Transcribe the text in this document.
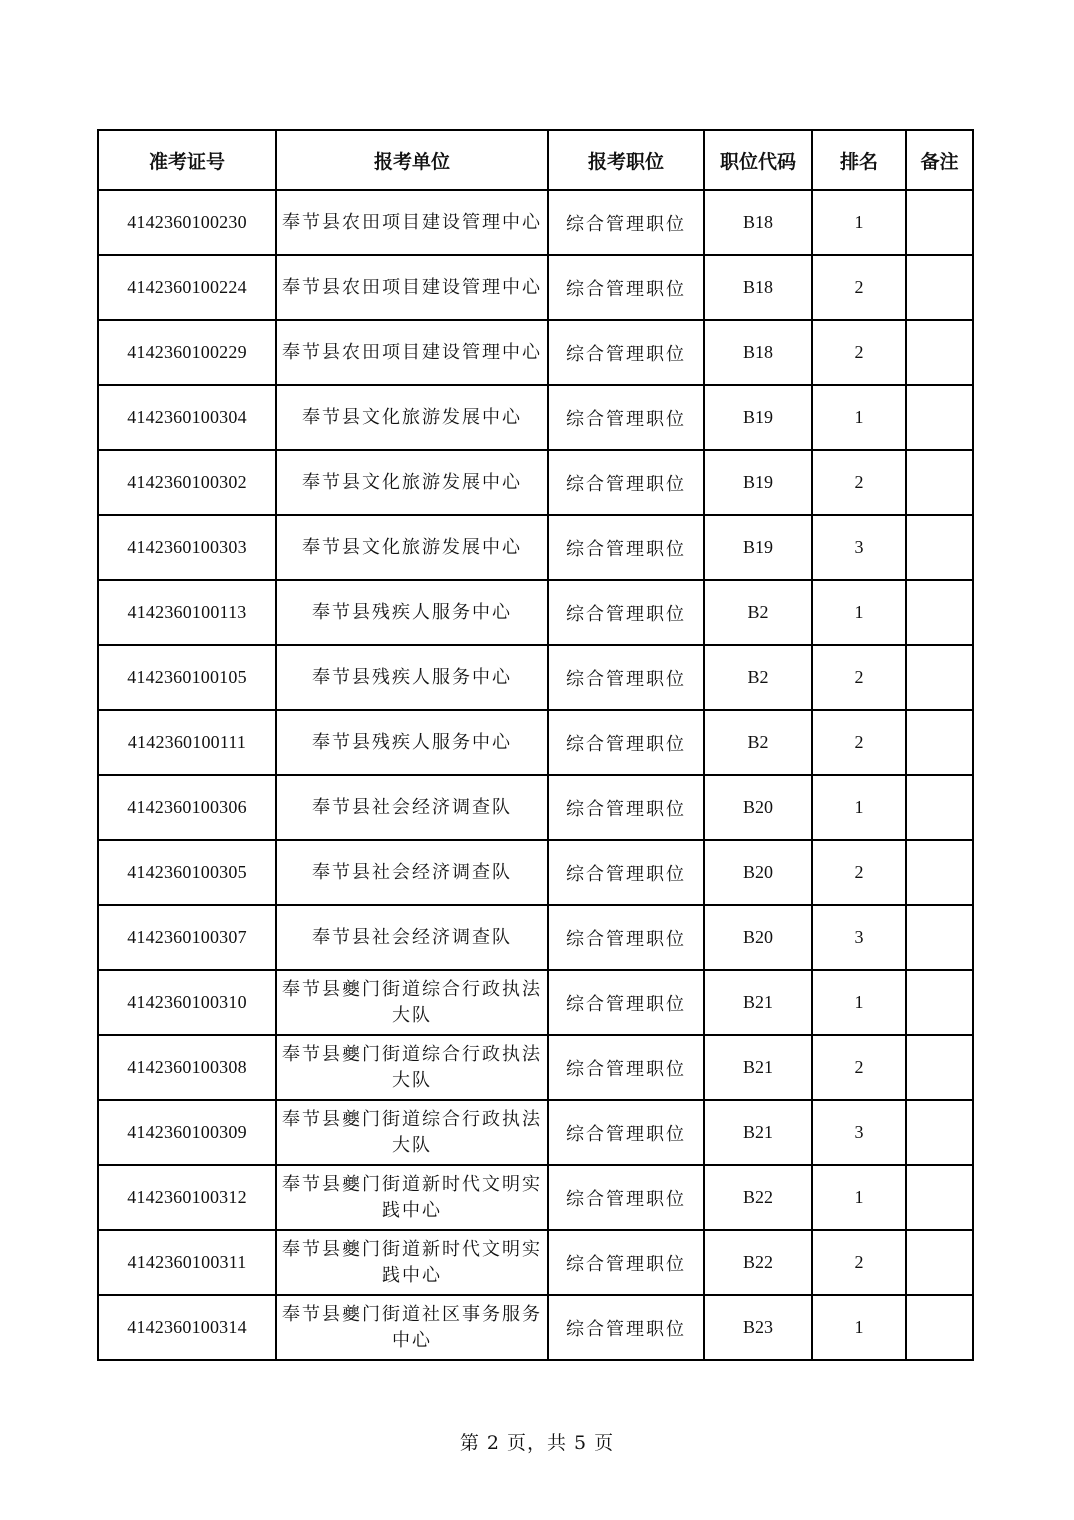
准考证号	报考单位	报考职位	职位代码	排名	备注
4142360100230	奉节县农田项目建设管理中心	综合管理职位	B18	1	
4142360100224	奉节县农田项目建设管理中心	综合管理职位	B18	2	
4142360100229	奉节县农田项目建设管理中心	综合管理职位	B18	2	
4142360100304	奉节县文化旅游发展中心	综合管理职位	B19	1	
4142360100302	奉节县文化旅游发展中心	综合管理职位	B19	2	
4142360100303	奉节县文化旅游发展中心	综合管理职位	B19	3	
4142360100113	奉节县残疾人服务中心	综合管理职位	B2	1	
4142360100105	奉节县残疾人服务中心	综合管理职位	B2	2	
4142360100111	奉节县残疾人服务中心	综合管理职位	B2	2	
4142360100306	奉节县社会经济调查队	综合管理职位	B20	1	
4142360100305	奉节县社会经济调查队	综合管理职位	B20	2	
4142360100307	奉节县社会经济调查队	综合管理职位	B20	3	
4142360100310	奉节县夔门街道综合行政执法大队	综合管理职位	B21	1	
4142360100308	奉节县夔门街道综合行政执法大队	综合管理职位	B21	2	
4142360100309	奉节县夔门街道综合行政执法大队	综合管理职位	B21	3	
4142360100312	奉节县夔门街道新时代文明实践中心	综合管理职位	B22	1	
4142360100311	奉节县夔门街道新时代文明实践中心	综合管理职位	B22	2	
4142360100314	奉节县夔门街道社区事务服务中心	综合管理职位	B23	1	
第 2 页，共 5 页
